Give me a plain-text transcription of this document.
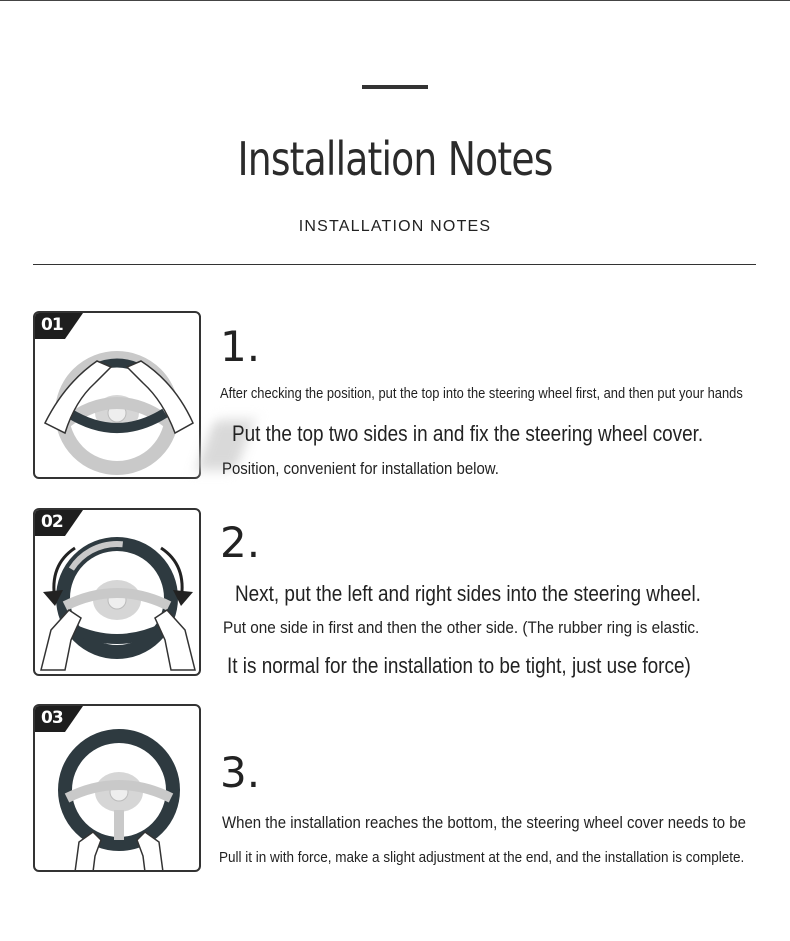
Installation Notes
INSTALLATION NOTES
01	1.
After checking the position, put the top into the steering wheel first, and then put your hands
Put the top two sides in and fix the steering wheel cover.
Position, convenient for installation below.
02	2.
Next, put the left and right sides into the steering wheel.
Put one side in first and then the other side. (The rubber ring is elastic.
It is normal for the installation to be tight, just use force)
03
3.
When the installation reaches the bottom, the steering wheel cover needs to be
Pull it in with force, make a slight adjustment at the end, and the installation is complete.
